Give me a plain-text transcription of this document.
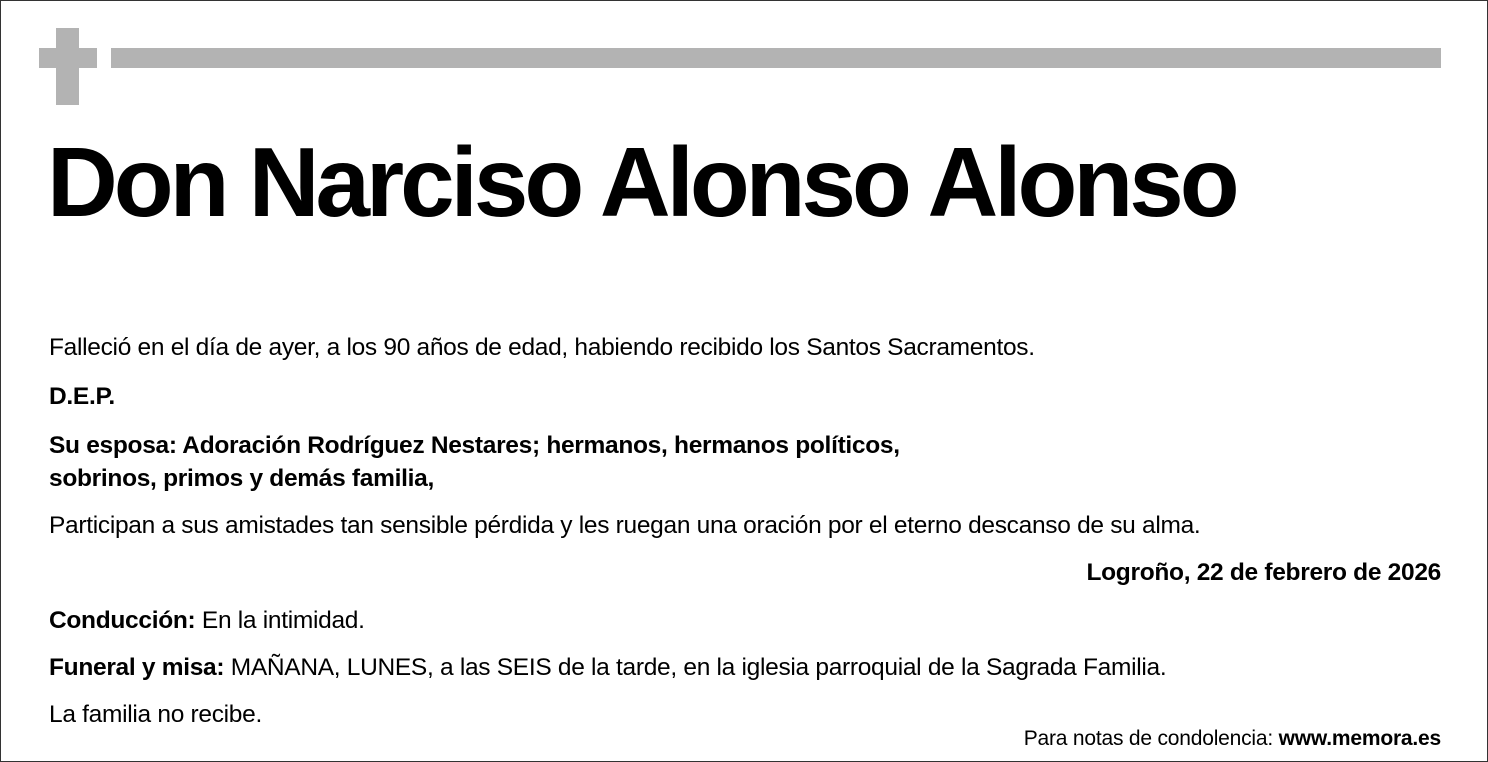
Don Narciso Alonso Alonso
Falleció en el día de ayer, a los 90 años de edad, habiendo recibido los Santos Sacramentos.
D.E.P.
Su esposa: Adoración Rodríguez Nestares; hermanos, hermanos políticos,
sobrinos, primos y demás familia,
Participan a sus amistades tan sensible pérdida y les ruegan una oración por el eterno descanso de su alma.
Logroño, 22 de febrero de 2026
Conducción: En la intimidad.
Funeral y misa: MAÑANA, LUNES, a las SEIS de la tarde, en la iglesia parroquial de la Sagrada Familia.
La familia no recibe.
Para notas de condolencia: www.memora.es
